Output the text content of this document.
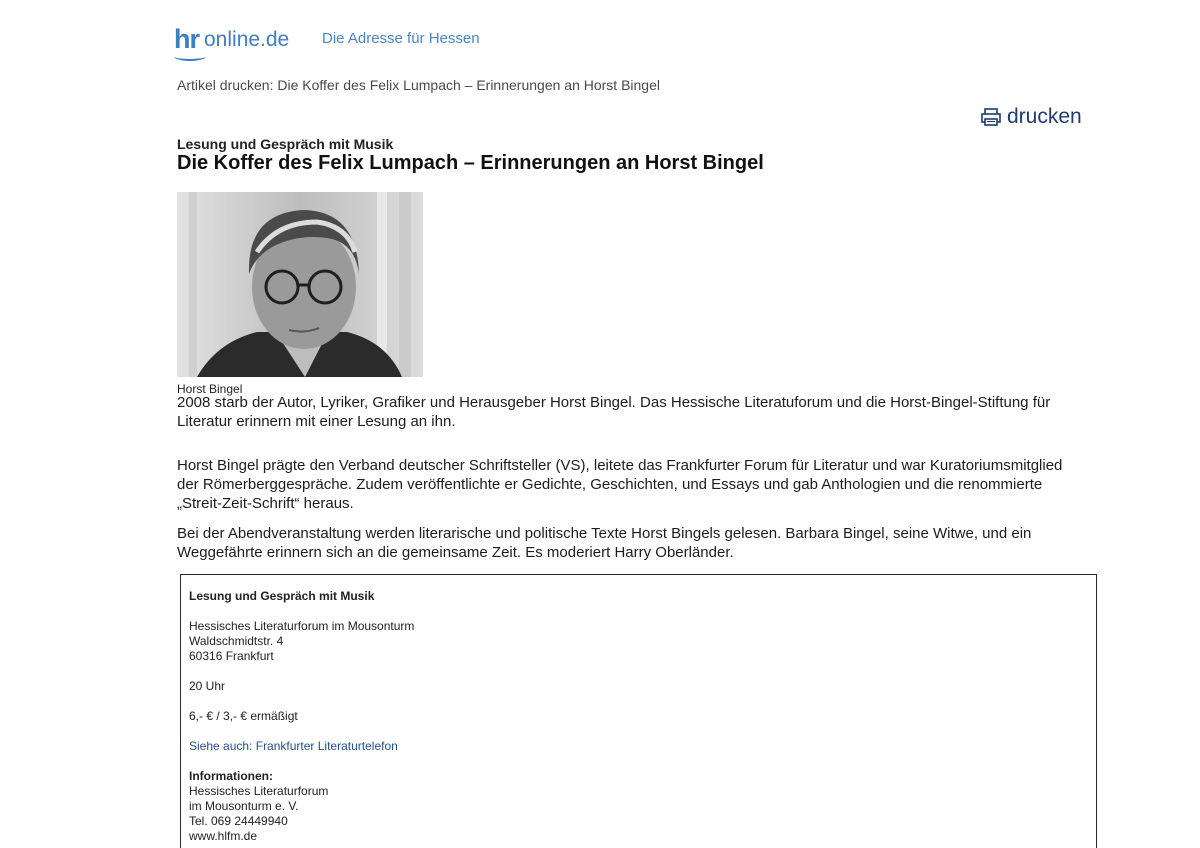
hr online.de Die Adresse für Hessen
Artikel drucken: Die Koffer des Felix Lumpach – Erinnerungen an Horst Bingel
drucken
Lesung und Gespräch mit Musik
Die Koffer des Felix Lumpach – Erinnerungen an Horst Bingel
Horst Bingel

2008 starb der Autor, Lyriker, Grafiker und Herausgeber Horst Bingel. Das Hessische Literatuforum und die Horst-Bingel-Stiftung für Literatur erinnern mit einer Lesung an ihn.

Horst Bingel prägte den Verband deutscher Schriftsteller (VS), leitete das Frankfurter Forum für Literatur und war Kuratoriumsmitglied der Römerberggespräche. Zudem veröffentlichte er Gedichte, Geschichten, und Essays und gab Anthologien und die renommierte „Streit-Zeit-Schrift“ heraus.

Bei der Abendveranstaltung werden literarische und politische Texte Horst Bingels gelesen. Barbara Bingel, seine Witwe, und ein Weggefährte erinnern sich an die gemeinsame Zeit. Es moderiert Harry Oberländer.

Lesung und Gespräch mit Musik
Hessisches Literaturforum im Mousonturm
Waldschmidtstr. 4
60316 Frankfurt
20 Uhr
6,- € / 3,- € ermäßigt
Siehe auch: Frankfurter Literaturtelefon
Informationen:
Hessisches Literaturforum
im Mousonturm e. V.
Tel. 069 24449940
www.hlfm.de
